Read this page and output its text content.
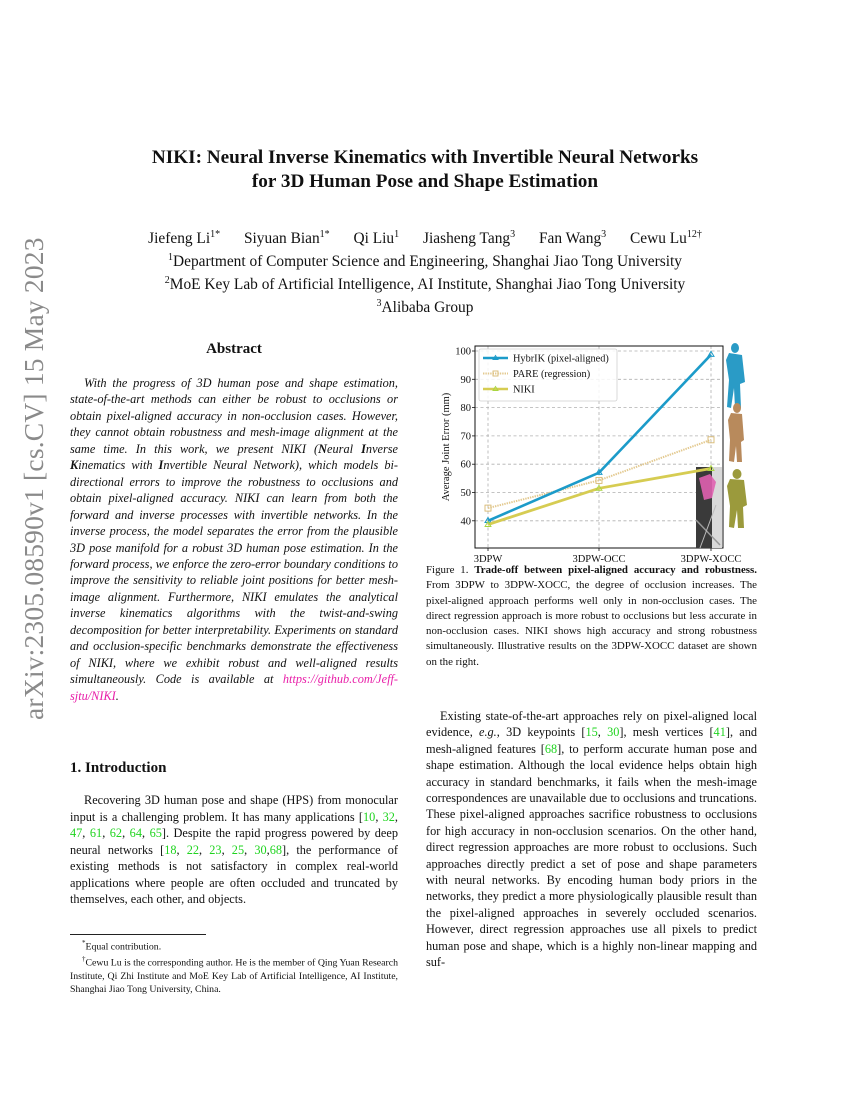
arXiv:2305.08590v1 [cs.CV] 15 May 2023
NIKI: Neural Inverse Kinematics with Invertible Neural Networks
for 3D Human Pose and Shape Estimation
Jiefeng $Li^{1*}$ Siyuan Bian$^{1*}$ Qi Liu$^1$ Jiasheng Tang$^3$ Fan Wang$^3$ Cewu $Lu^{12\dagger}$
$^1$Department of Computer Science and Engineering, Shanghai Jiao Tong University
$^2$MoE Key Lab of Artificial Intelligence, AI Institute, Shanghai Jiao Tong University
$^3$Alibaba Group
Abstract

With the progress of 3D human pose and shape estimation, state-of-the-art methods can either be robust to occlusions or obtain pixel-aligned accuracy in non-occlusion cases. However, they cannot obtain robustness and mesh-image alignment at the same time. In this work, we present NIKI (Neural Inverse Kinematics with Invertible Neural Network), which models bi-directional errors to improve the robustness to occlusions and obtain pixel-aligned accuracy. NIKI can learn from both the forward and inverse processes with invertible networks. In the inverse process, the model separates the error from the plausible 3D pose manifold for a robust 3D human pose estimation. In the forward process, we enforce the zero-error boundary conditions to improve the sensitivity to reliable joint positions for better mesh-image alignment. Furthermore, NIKI emulates the analytical inverse kinematics algorithms with the twist-and-swing decomposition for better interpretability. Experiments on standard and occlusion-specific benchmarks demonstrate the effectiveness of NIKI, where we exhibit robust and well-aligned results simultaneously. Code is available at https://github.com/Jeff-sjtu/NIKI.

1. Introduction

Recovering 3D human pose and shape (HPS) from monocular input is a challenging problem. It has many applications [10, 32, 47, 61, 62, 64, 65]. Despite the rapid progress powered by deep neural networks [18, 22, 23, 25, 30,68], the performance of existing methods is not satisfactory in complex real-world applications where people are often occluded and truncated by themselves, each other, and objects.

*Equal contribution.

†Cewu Lu is the corresponding author. He is the member of Qing Yuan Research Institute, Qi Zhi Institute and MoE Key Lab of Artificial Intelligence, AI Institute, Shanghai Jiao Tong University, China.

100
90
80
70
60
50
40
3DPW	3DPW-OCC	3DPW-XOCC
Average Joint Error (mm)
HybrIK (pixel-aligned)
PARE (regression)
NIKI

Figure 1. Trade-off between pixel-aligned accuracy and robustness. From 3DPW to 3DPW-XOCC, the degree of occlusion increases. The pixel-aligned approach performs well only in non-occlusion cases. The direct regression approach is more robust to occlusions but less accurate in non-occlusion cases. NIKI shows high accuracy and strong robustness simultaneously. Illustrative results on the 3DPW-XOCC dataset are shown on the right.

Existing state-of-the-art approaches rely on pixel-aligned local evidence, e.g., 3D keypoints [15, 30], mesh vertices [41], and mesh-aligned features [68], to perform accurate human pose and shape estimation. Although the local evidence helps obtain high accuracy in standard benchmarks, it fails when the mesh-image correspondences are unavailable due to occlusions and truncations. These pixel-aligned approaches sacrifice robustness to occlusions for high accuracy in non-occlusion scenarios. On the other hand, direct regression approaches are more robust to occlusions. Such approaches directly predict a set of pose and shape parameters with neural networks. By encoding human body priors in the networks, they predict a more physiologically plausible result than the pixel-aligned approaches in severely occluded scenarios. However, direct regression approaches use all pixels to predict human pose and shape, which is a highly non-linear mapping and suf-
